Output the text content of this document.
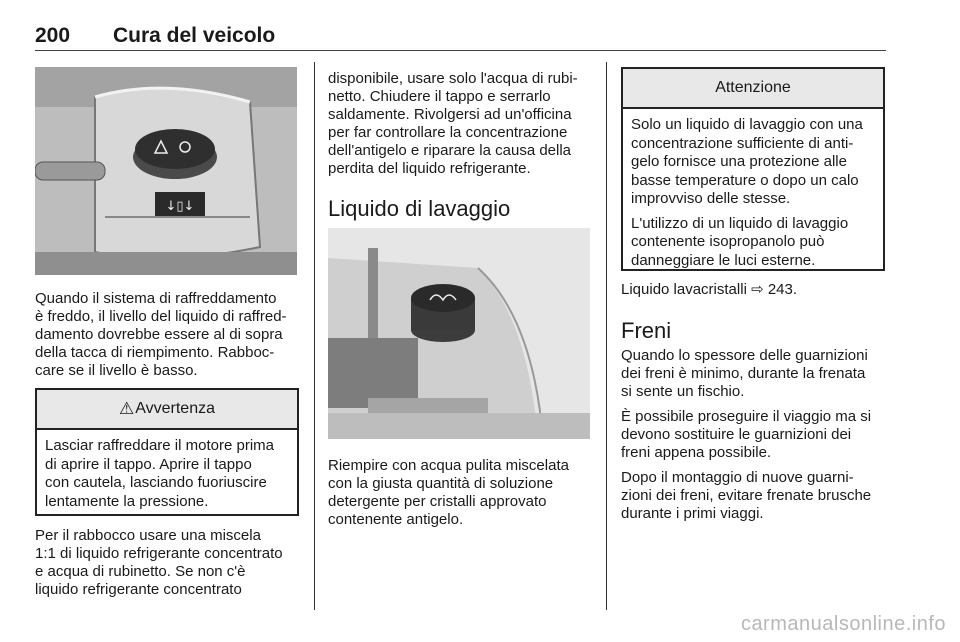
200 Cura del veicolo
↓▯↓

Quando il sistema di raffreddamento
è freddo, il livello del liquido di raffred-
damento dovrebbe essere al di sopra
della tacca di riempimento. Rabboc-
care se il livello è basso.

⚠ Avvertenza

Lasciar raffreddare il motore prima
di aprire il tappo. Aprire il tappo
con cautela, lasciando fuoriuscire
lentamente la pressione.

Per il rabbocco usare una miscela
1:1 di liquido refrigerante concentrato
e acqua di rubinetto. Se non c'è
liquido refrigerante concentrato

disponibile, usare solo l'acqua di rubi-
netto. Chiudere il tappo e serrarlo
saldamente. Rivolgersi ad un'officina
per far controllare la concentrazione
dell'antigelo e riparare la causa della
perdita del liquido refrigerante.

Liquido di lavaggio

Riempire con acqua pulita miscelata
con la giusta quantità di soluzione
detergente per cristalli approvato
contenente antigelo.

Attenzione

Solo un liquido di lavaggio con una
concentrazione sufficiente di anti-
gelo fornisce una protezione alle
basse temperature o dopo un calo
improvviso delle stesse.

L'utilizzo di un liquido di lavaggio
contenente isopropanolo può
danneggiare le luci esterne.

Liquido lavacristalli ⇨ 243.

Freni

Quando lo spessore delle guarnizioni
dei freni è minimo, durante la frenata
si sente un fischio.

È possibile proseguire il viaggio ma si
devono sostituire le guarnizioni dei
freni appena possibile.

Dopo il montaggio di nuove guarni-
zioni dei freni, evitare frenate brusche
durante i primi viaggi.

carmanualsonline.info
